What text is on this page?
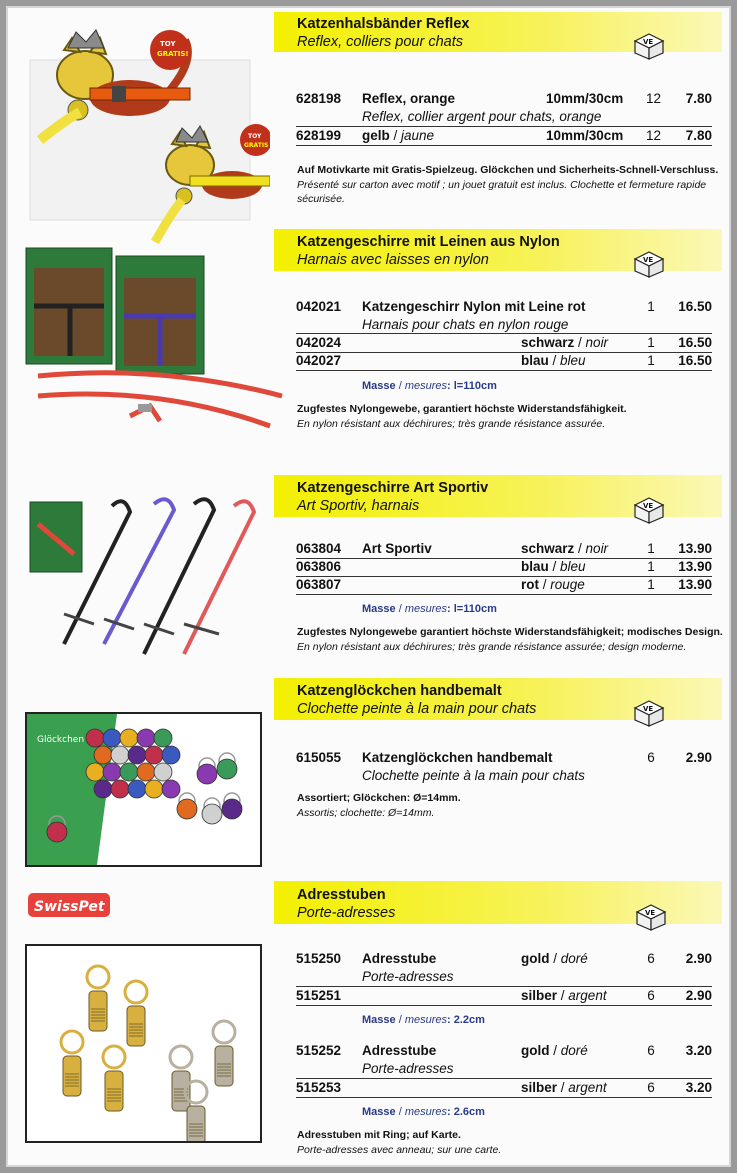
TOY
GRATIS!
TOY
GRATIS
Glöckchen
SwissPet
Katzenhalsbänder Reflex
Reflex, colliers pour chats	VE
628198 Reflex, orange	10mm/30cm 12 7.80
Reflex, collier argent pour chats, orange
628199 gelb / jaune	10mm/30cm 12 7.80
Auf Motivkarte mit Gratis-Spielzeug. Glöckchen und Sicherheits-Schnell-Verschluss.
Présenté sur carton avec motif ; un jouet gratuit est inclus. Clochette et fermeture rapide sécurisée.
Katzengeschirre mit Leinen aus Nylon
Harnais avec laisses en nylon	VE
042021 Katzengeschirr Nylon mit Leine rot	1 16.50
Harnais pour chats en nylon rouge
042024	schwarz / noir	1 16.50
042027	blau / bleu	1 16.50
Masse / mesures: l=110cm
Zugfestes Nylongewebe, garantiert höchste Widerstandsfähigkeit.
En nylon résistant aux déchirures; très grande résistance assurée.
Katzengeschirre Art Sportiv
Art Sportiv, harnais	VE
063804 Art Sportiv	schwarz / noir	1 13.90
063806	blau / bleu	1 13.90
063807	rot / rouge	1 13.90
Masse / mesures: l=110cm
Zugfestes Nylongewebe garantiert höchste Widerstandsfähigkeit; modisches Design.
En nylon résistant aux déchirures; très grande résistance assurée; design moderne.
Katzenglöckchen handbemalt
Clochette peinte à la main pour chats	VE
615055 Katzenglöckchen handbemalt	6 2.90
Clochette peinte à la main pour chats
Assortiert; Glöckchen: Ø=14mm.
Assortis; clochette: Ø=14mm.
Adresstuben
Porte-adresses	VE
515250 Adresstube	gold / doré	6 2.90
Porte-adresses
515251	silber / argent	6 2.90
Masse / mesures: 2.2cm
515252 Adresstube	gold / doré	6 3.20
Porte-adresses
515253	silber / argent	6 3.20
Masse / mesures: 2.6cm
Adresstuben mit Ring; auf Karte.
Porte-adresses avec anneau; sur une carte.
